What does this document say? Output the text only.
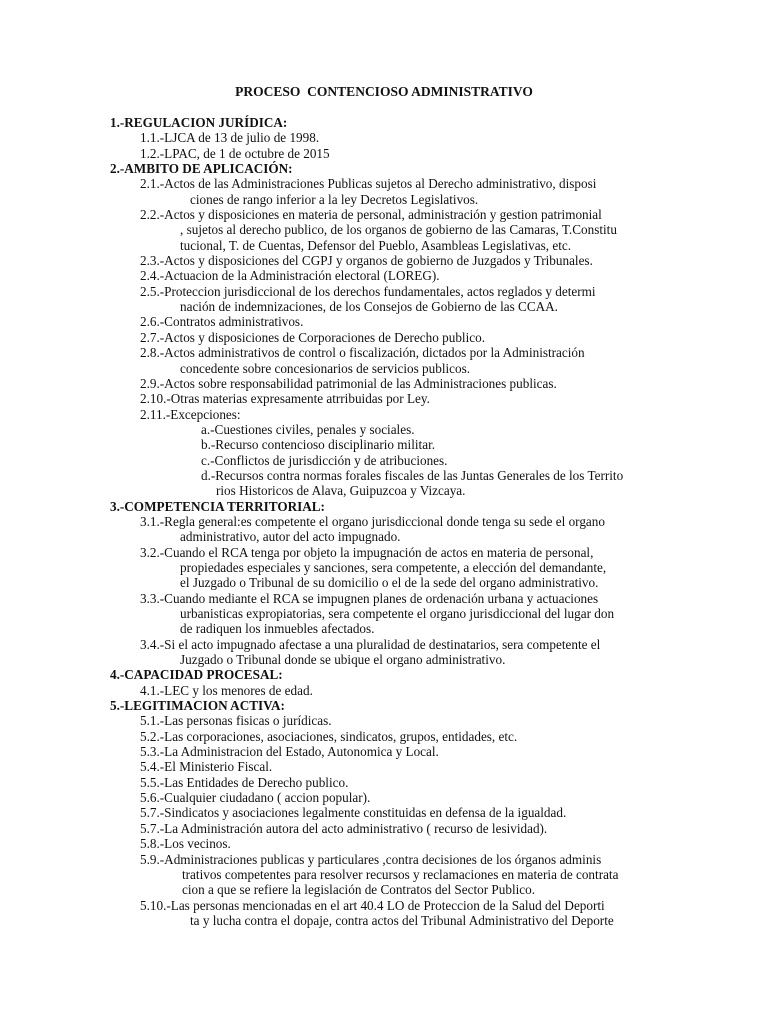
PROCESO  CONTENCIOSO ADMINISTRATIVO
1.-REGULACION JURÍDICA:
1.1.-LJCA de 13 de julio de 1998.
1.2.-LPAC, de 1 de octubre de 2015
2.-AMBITO DE APLICACIÓN:
2.1.-Actos de las Administraciones Publicas sujetos al Derecho administrativo, disposi
ciones de rango inferior a la ley Decretos Legislativos.
2.2.-Actos y disposiciones en materia de personal, administración y gestion patrimonial
, sujetos al derecho publico, de los organos de gobierno de las Camaras, T.Constitu
tucional, T. de Cuentas, Defensor del Pueblo, Asambleas Legislativas, etc.
2.3.-Actos y disposiciones del CGPJ y organos de gobierno de Juzgados y Tribunales.
2.4.-Actuacion de la Administración electoral (LOREG).
2.5.-Proteccion jurisdiccional de los derechos fundamentales, actos reglados y determi
nación de indemnizaciones, de los Consejos de Gobierno de las CCAA.
2.6.-Contratos administrativos.
2.7.-Actos y disposiciones de Corporaciones de Derecho publico.
2.8.-Actos administrativos de control o fiscalización, dictados por la Administración
concedente sobre concesionarios de servicios publicos.
2.9.-Actos sobre responsabilidad patrimonial de las Administraciones publicas.
2.10.-Otras materias expresamente atrribuidas por Ley.
2.11.-Excepciones:
a.-Cuestiones civiles, penales y sociales.
b.-Recurso contencioso disciplinario militar.
c.-Conflictos de jurisdicción y de atribuciones.
d.-Recursos contra normas forales fiscales de las Juntas Generales de los Territo
rios Historicos de Alava, Guipuzcoa y Vizcaya.
3.-COMPETENCIA TERRITORIAL:
3.1.-Regla general:es competente el organo jurisdiccional donde tenga su sede el organo
administrativo, autor del acto impugnado.
3.2.-Cuando el RCA tenga por objeto la impugnación de actos en materia de personal,
propiedades especiales y sanciones, sera competente, a elección del demandante,
el Juzgado o Tribunal de su domicilio o el de la sede del organo administrativo.
3.3.-Cuando mediante el RCA se impugnen planes de ordenación urbana y actuaciones
urbanisticas expropiatorias, sera competente el organo jurisdiccional del lugar don
de radiquen los inmuebles afectados.
3.4.-Si el acto impugnado afectase a una pluralidad de destinatarios, sera competente el
Juzgado o Tribunal donde se ubique el organo administrativo.
4.-CAPACIDAD PROCESAL:
4.1.-LEC y los menores de edad.
5.-LEGITIMACION ACTIVA:
5.1.-Las personas fisicas o jurídicas.
5.2.-Las corporaciones, asociaciones, sindicatos, grupos, entidades, etc.
5.3.-La Administracion del Estado, Autonomica y Local.
5.4.-El Ministerio Fiscal.
5.5.-Las Entidades de Derecho publico.
5.6.-Cualquier ciudadano ( accion popular).
5.7.-Sindicatos y asociaciones legalmente constituidas en defensa de la igualdad.
5.7.-La Administración autora del acto administrativo ( recurso de lesividad).
5.8.-Los vecinos.
5.9.-Administraciones publicas y particulares ,contra decisiones de los órganos adminis
trativos competentes para resolver recursos y reclamaciones en materia de contrata
cion a que se refiere la legislación de Contratos del Sector Publico.
5.10.-Las personas mencionadas en el art 40.4 LO de Proteccion de la Salud del Deporti
ta y lucha contra el dopaje, contra actos del Tribunal Administrativo del Deporte
